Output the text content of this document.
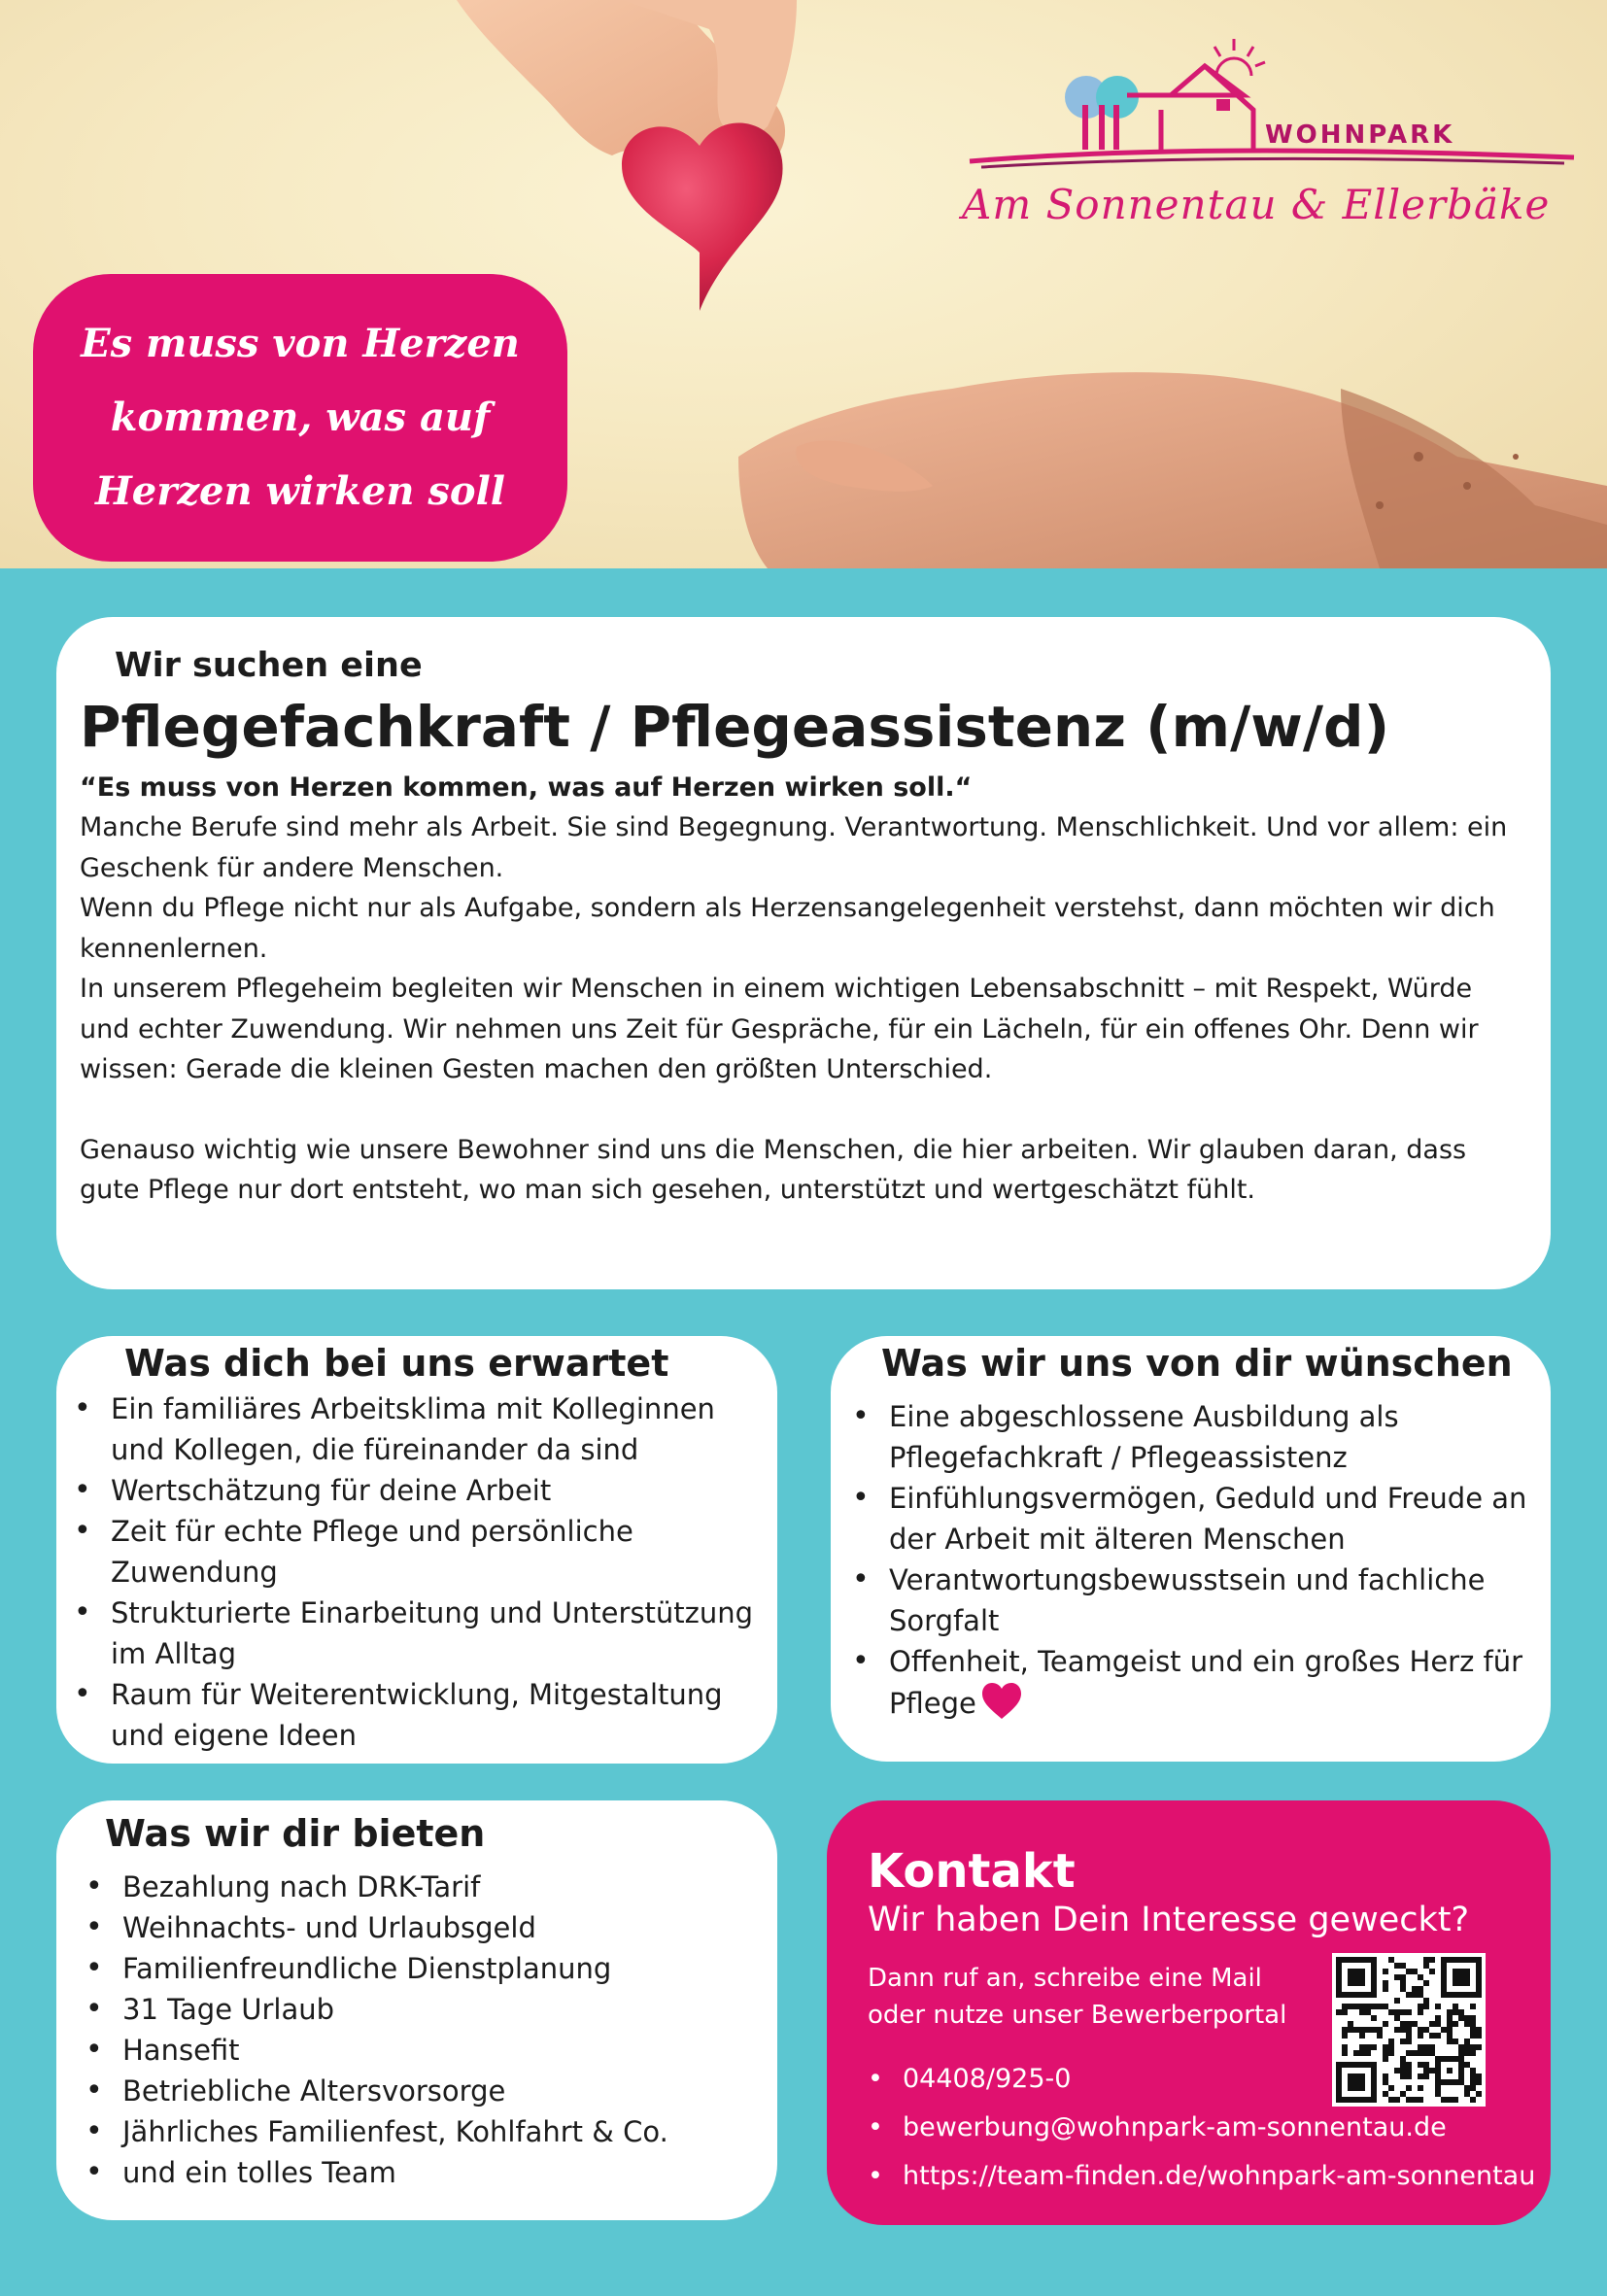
WOHNPARK
Am Sonnentau & Ellerbäke
Es muss von Herzen
kommen, was auf
Herzen wirken soll
Wir suchen eine
Pflegefachkraft / Pflegeassistenz (m/w/d)
“Es muss von Herzen kommen, was auf Herzen wirken soll.“

Manche Berufe sind mehr als Arbeit. Sie sind Begegnung. Verantwortung. Menschlichkeit. Und vor allem: ein Geschenk für andere Menschen.

Wenn du Pflege nicht nur als Aufgabe, sondern als Herzensangelegenheit verstehst, dann möchten wir dich kennenlernen.

In unserem Pflegeheim begleiten wir Menschen in einem wichtigen Lebensabschnitt – mit Respekt, Würde und echter Zuwendung. Wir nehmen uns Zeit für Gespräche, für ein Lächeln, für ein offenes Ohr. Denn wir wissen: Gerade die kleinen Gesten machen den größten Unterschied.

Genauso wichtig wie unsere Bewohner sind uns die Menschen, die hier arbeiten. Wir glauben daran, dass gute Pflege nur dort entsteht, wo man sich gesehen, unterstützt und wertgeschätzt fühlt.

Was dich bei uns erwartet
• Ein familiäres Arbeitsklima mit Kolleginnen und Kollegen, die füreinander da sind
• Wertschätzung für deine Arbeit
• Zeit für echte Pflege und persönliche Zuwendung
• Strukturierte Einarbeitung und Unterstützung im Alltag
• Raum für Weiterentwicklung, Mitgestaltung und eigene Ideen
Was wir uns von dir wünschen
• Eine abgeschlossene Ausbildung als Pflegefachkraft / Pflegeassistenz
• Einfühlungsvermögen, Geduld und Freude an der Arbeit mit älteren Menschen
• Verantwortungsbewusstsein und fachliche Sorgfalt
• Offenheit, Teamgeist und ein großes Herz für Pflege
Was wir dir bieten
• Bezahlung nach DRK-Tarif
• Weihnachts- und Urlaubsgeld
• Familienfreundliche Dienstplanung
• 31 Tage Urlaub
• Hansefit
• Betriebliche Altersvorsorge
• Jährliches Familienfest, Kohlfahrt & Co.
• und ein tolles Team
Kontakt
Wir haben Dein Interesse geweckt?
Dann ruf an, schreibe eine Mail oder nutze unser Bewerberportal
• 04408/925-0
• bewerbung@wohnpark-am-sonnentau.de
• https://team-finden.de/wohnpark-am-sonnentau
